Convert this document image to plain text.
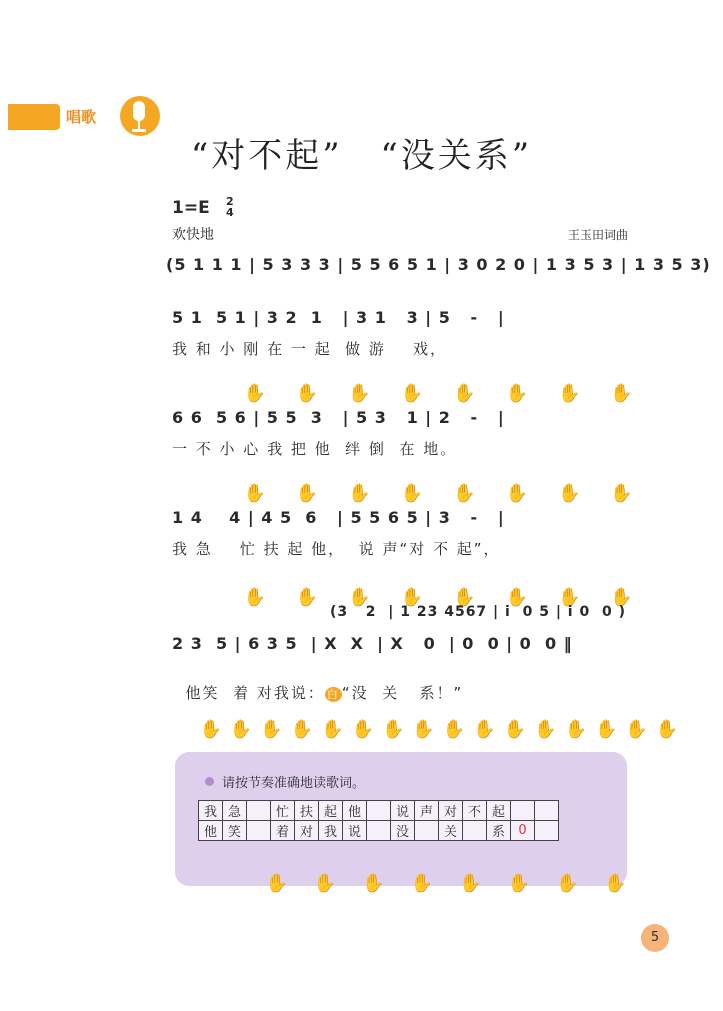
唱歌
“对不起” “没关系”
1=E 2
4
欢快地	王玉田词曲
(5 1 1 1 | 5 3 3 3 | 5 5 6 5 1 | 3 0 2 0 | 1 3 5 3 | 1 3 5 3)
5 1  5 1 | 3 2  1   | 3 1   3 | 5   -   |
我 和 小 刚 在 一 起  做 游    戏，

✋✋✋✋✋✋✋✋

6 6  5 6 | 5 5  3   | 5 3   1 | 2   -   |
一 不 小 心 我 把 他  绊 倒  在 地。

✋✋✋✋✋✋✋✋

1 4    4 | 4 5  6   | 5 5 6 5 | 3   -   |
我 急    忙 扶 起 他，  说 声“对 不 起”，

✋✋✋✋✋✋✋✋

(3   2  | 1 23 4567 | i  0 5 | i 0  0 )
2 3  5 | 6 3 5  | X  X  | X   0  | 0  0 | 0  0 ‖

他笑  着 对我说： 白 “没  关   系！”

✋✋✋✋✋✋✋✋✋✋✋✋✋✋✋✋

请按节奏准确地读歌词。
我	急		忙	扶	起	他		说	声	对	不	起		
他	笑		着	对	我	说		没		关		系	0	

✋✋✋✋✋✋✋✋

5
